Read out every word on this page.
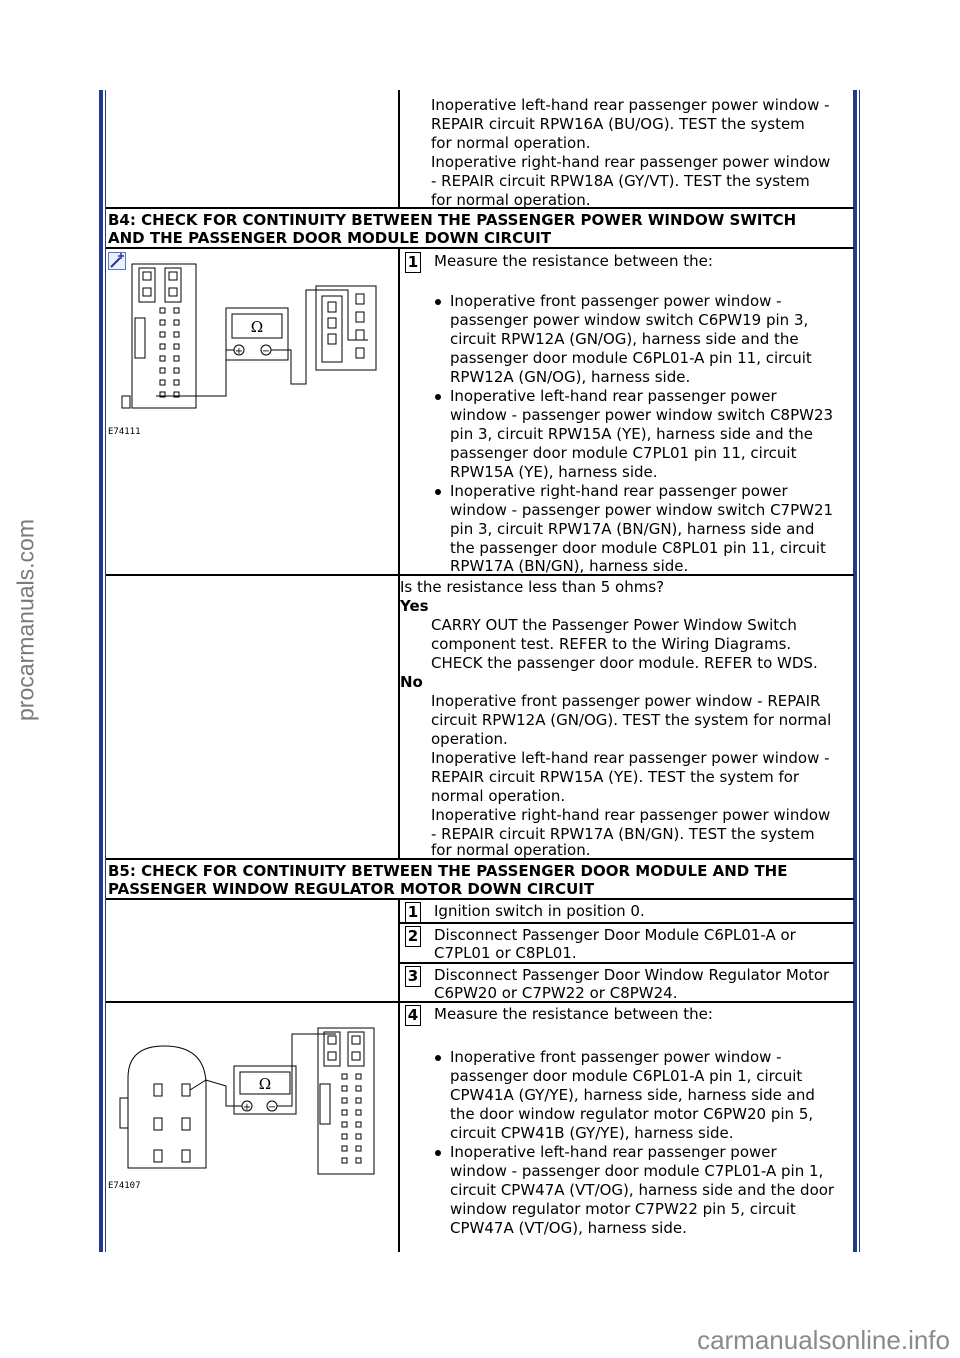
procarmanuals.com
carmanualsonline.info
Inoperative left-hand rear passenger power window -
REPAIR circuit RPW16A (BU/OG). TEST the system
for normal operation.
Inoperative right-hand rear passenger power window
- REPAIR circuit RPW18A (GY/VT). TEST the system
for normal operation.
B4: CHECK FOR CONTINUITY BETWEEN THE PASSENGER POWER WINDOW SWITCH
AND THE PASSENGER DOOR MODULE DOWN CIRCUIT
Ω
+ −
E74111
1 Measure the resistance between the:
Inoperative front passenger power window -
passenger power window switch C6PW19 pin 3,
circuit RPW12A (GN/OG), harness side and the
passenger door module C6PL01-A pin 11, circuit
RPW12A (GN/OG), harness side.
Inoperative left-hand rear passenger power
window - passenger power window switch C8PW23
pin 3, circuit RPW15A (YE), harness side and the
passenger door module C7PL01 pin 11, circuit
RPW15A (YE), harness side.
Inoperative right-hand rear passenger power
window - passenger power window switch C7PW21
pin 3, circuit RPW17A (BN/GN), harness side and
the passenger door module C8PL01 pin 11, circuit
RPW17A (BN/GN), harness side.
Is the resistance less than 5 ohms?
Yes
CARRY OUT the Passenger Power Window Switch
component test. REFER to the Wiring Diagrams.
CHECK the passenger door module. REFER to WDS.
No
Inoperative front passenger power window - REPAIR
circuit RPW12A (GN/OG). TEST the system for normal
operation.
Inoperative left-hand rear passenger power window -
REPAIR circuit RPW15A (YE). TEST the system for
normal operation.
Inoperative right-hand rear passenger power window
- REPAIR circuit RPW17A (BN/GN). TEST the system
for normal operation.
B5: CHECK FOR CONTINUITY BETWEEN THE PASSENGER DOOR MODULE AND THE
PASSENGER WINDOW REGULATOR MOTOR DOWN CIRCUIT
1 Ignition switch in position 0.
2 Disconnect Passenger Door Module C6PL01-A or
C7PL01 or C8PL01.
3 Disconnect Passenger Door Window Regulator Motor
C6PW20 or C7PW22 or C8PW24.
Ω
+ −
E74107
4 Measure the resistance between the:
Inoperative front passenger power window -
passenger door module C6PL01-A pin 1, circuit
CPW41A (GY/YE), harness side, harness side and
the door window regulator motor C6PW20 pin 5,
circuit CPW41B (GY/YE), harness side.
Inoperative left-hand rear passenger power
window - passenger door module C7PL01-A pin 1,
circuit CPW47A (VT/OG), harness side and the door
window regulator motor C7PW22 pin 5, circuit
CPW47A (VT/OG), harness side.
